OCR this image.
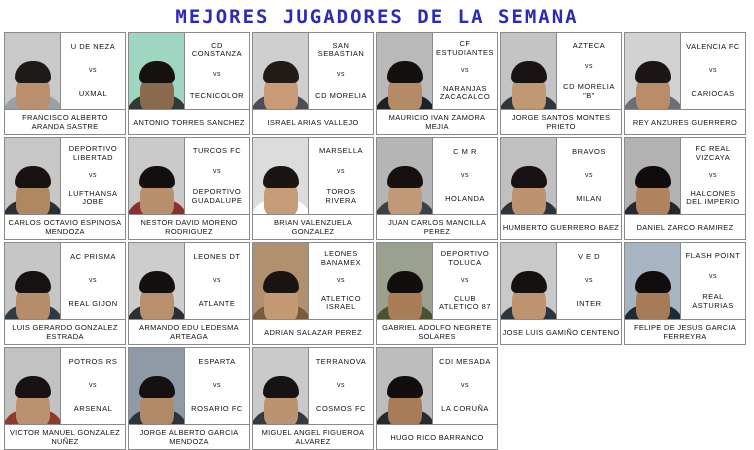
MEJORES JUGADORES DE LA SEMANA
U DE NEZA
vs
UXMAL
FRANCISCO ALBERTO ARANDA SASTRE
CD CONSTANZA
vs
TECNICOLOR
ANTONIO TORRES SANCHEZ
SAN SEBASTIAN
vs
CD MORELIA
ISRAEL ARIAS VALLEJO
CF ESTUDIANTES
vs
NARANJAS ZACACALCO
MAURICIO IVAN ZAMORA MEJIA
AZTECA
vs
CD MORELIA "B"
JORGE SANTOS MONTES PRIETO
VALENCIA FC
vs
CARIOCAS
REY ANZURES GUERRERO
DEPORTIVO LIBERTAD
vs
LUFTHANSA JOBE
CARLOS OCTAVIO ESPINOSA MENDOZA
TURCOS FC
vs
DEPORTIVO GUADALUPE
NESTOR DAVID MORENO RODRIGUEZ
MARSELLA
vs
TOROS RIVERA
BRIAN VALENZUELA GONZALEZ
C M R
vs
HOLANDA
JUAN CARLOS MANCILLA PEREZ
BRAVOS
vs
MILAN
HUMBERTO GUERRERO BAEZ
FC REAL VIZCAYA
vs
HALCONES DEL IMPERIO
DANIEL ZARCO RAMIREZ
AC PRISMA
vs
REAL GIJON
LUIS GERARDO GONZALEZ ESTRADA
LEONES DT
vs
ATLANTE
ARMANDO EDU LEDESMA ARTEAGA
LEONES BANAMEX
vs
ATLETICO ISRAEL
ADRIAN SALAZAR PEREZ
DEPORTIVO TOLUCA
vs
CLUB ATLETICO 87
GABRIEL ADOLFO NEGRETE SOLARES
V E D
vs
INTER
JOSE LUIS GAMIÑO CENTENO
FLASH POINT
vs
REAL ASTURIAS
FELIPE DE JESUS GARCIA FERREYRA
POTROS RS
vs
ARSENAL
VICTOR MANUEL GONZALEZ NUÑEZ
ESPARTA
vs
ROSARIO FC
JORGE ALBERTO GARCIA MENDOZA
TERRANOVA
vs
COSMOS FC
MIGUEL ANGEL FIGUEROA ALVAREZ
CDI MESADA
vs
LA CORUÑA
HUGO RICO BARRANCO
